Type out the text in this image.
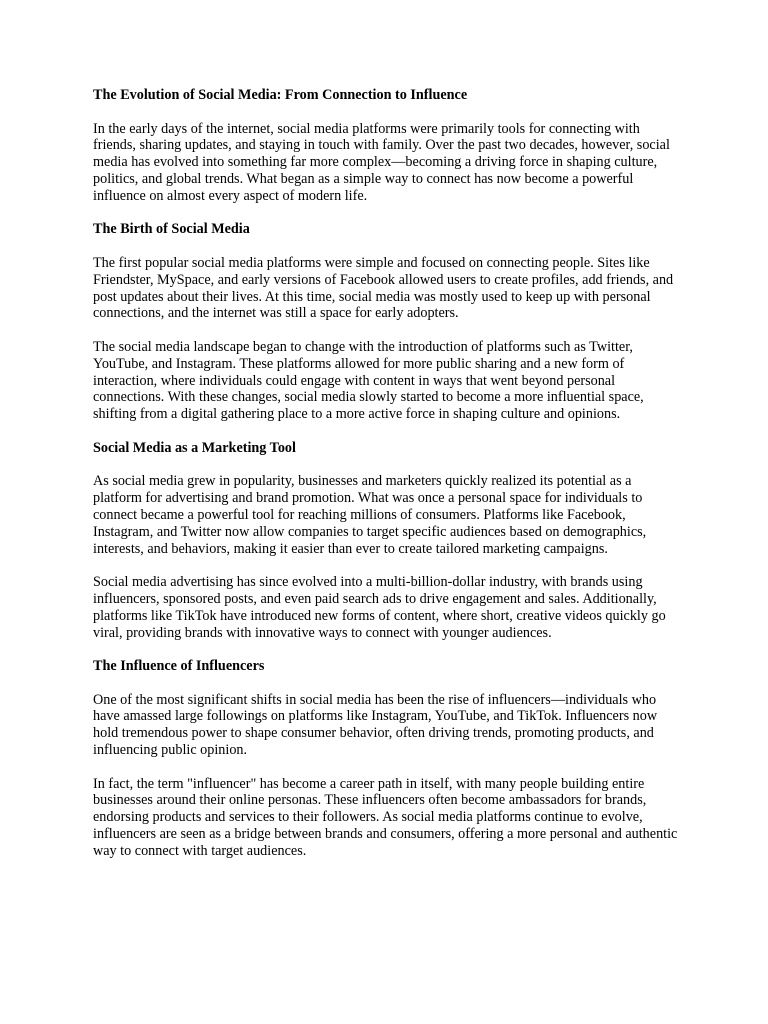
The Evolution of Social Media: From Connection to Influence

In the early days of the internet, social media platforms were primarily tools for connecting with friends, sharing updates, and staying in touch with family. Over the past two decades, however, social media has evolved into something far more complex—becoming a driving force in shaping culture, politics, and global trends. What began as a simple way to connect has now become a powerful influence on almost every aspect of modern life.

The Birth of Social Media

The first popular social media platforms were simple and focused on connecting people. Sites like Friendster, MySpace, and early versions of Facebook allowed users to create profiles, add friends, and post updates about their lives. At this time, social media was mostly used to keep up with personal connections, and the internet was still a space for early adopters.

The social media landscape began to change with the introduction of platforms such as Twitter, YouTube, and Instagram. These platforms allowed for more public sharing and a new form of interaction, where individuals could engage with content in ways that went beyond personal connections. With these changes, social media slowly started to become a more influential space, shifting from a digital gathering place to a more active force in shaping culture and opinions.

Social Media as a Marketing Tool

As social media grew in popularity, businesses and marketers quickly realized its potential as a platform for advertising and brand promotion. What was once a personal space for individuals to connect became a powerful tool for reaching millions of consumers. Platforms like Facebook, Instagram, and Twitter now allow companies to target specific audiences based on demographics, interests, and behaviors, making it easier than ever to create tailored marketing campaigns.

Social media advertising has since evolved into a multi-billion-dollar industry, with brands using influencers, sponsored posts, and even paid search ads to drive engagement and sales. Additionally, platforms like TikTok have introduced new forms of content, where short, creative videos quickly go viral, providing brands with innovative ways to connect with younger audiences.

The Influence of Influencers

One of the most significant shifts in social media has been the rise of influencers—individuals who have amassed large followings on platforms like Instagram, YouTube, and TikTok. Influencers now hold tremendous power to shape consumer behavior, often driving trends, promoting products, and influencing public opinion.

In fact, the term "influencer" has become a career path in itself, with many people building entire businesses around their online personas. These influencers often become ambassadors for brands, endorsing products and services to their followers. As social media platforms continue to evolve, influencers are seen as a bridge between brands and consumers, offering a more personal and authentic way to connect with target audiences.
